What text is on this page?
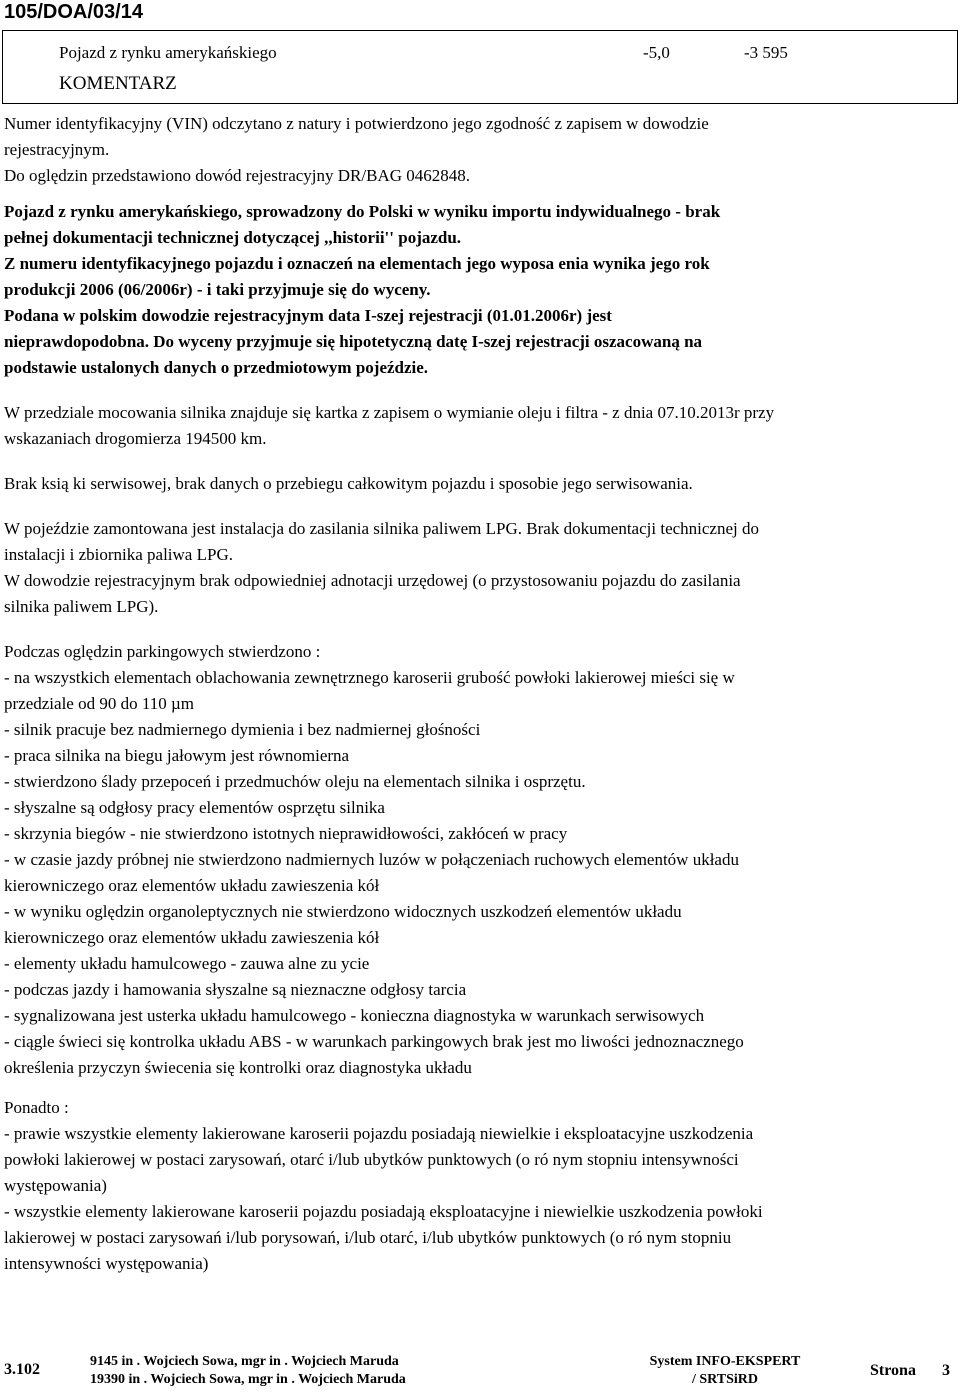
105/DOA/03/14
Pojazd z rynku amerykańskiego	-5,0	-3 595
KOMENTARZ

Numer identyfikacyjny (VIN) odczytano z natury i potwierdzono jego zgodność z zapisem w dowodzie

rejestracyjnym.

Do oględzin przedstawiono dowód rejestracyjny DR/BAG 0462848.

Pojazd z rynku amerykańskiego, sprowadzony do Polski w wyniku importu indywidualnego - brak

pełnej dokumentacji technicznej dotyczącej ,,historii'' pojazdu.

Z numeru identyfikacyjnego pojazdu i oznaczeń na elementach jego wyposa enia wynika jego rok

produkcji 2006 (06/2006r) - i taki przyjmuje się do wyceny.

Podana w polskim dowodzie rejestracyjnym data I-szej rejestracji (01.01.2006r) jest

nieprawdopodobna. Do wyceny przyjmuje się hipotetyczną datę I-szej rejestracji oszacowaną na

podstawie ustalonych danych o przedmiotowym pojeździe.

W przedziale mocowania silnika znajduje się kartka z zapisem o wymianie oleju i filtra - z dnia 07.10.2013r przy

wskazaniach drogomierza 194500 km.

Brak ksią ki serwisowej, brak danych o przebiegu całkowitym pojazdu i sposobie jego serwisowania.

W pojeździe zamontowana jest instalacja do zasilania silnika paliwem LPG. Brak dokumentacji technicznej do

instalacji i zbiornika paliwa LPG.

W dowodzie rejestracyjnym brak odpowiedniej adnotacji urzędowej (o przystosowaniu pojazdu do zasilania

silnika paliwem LPG).

Podczas oględzin parkingowych stwierdzono :

- na wszystkich elementach oblachowania zewnętrznego karoserii grubość powłoki lakierowej mieści się w

przedziale od 90 do 110 µm

- silnik pracuje bez nadmiernego dymienia i bez nadmiernej głośności

- praca silnika na biegu jałowym jest równomierna

- stwierdzono ślady przepoceń i przedmuchów oleju na elementach silnika i osprzętu.

- słyszalne są odgłosy pracy elementów osprzętu silnika

- skrzynia biegów - nie stwierdzono istotnych nieprawidłowości, zakłóceń w pracy

- w czasie jazdy próbnej nie stwierdzono nadmiernych luzów w połączeniach ruchowych elementów układu

kierowniczego oraz elementów układu zawieszenia kół

- w wyniku oględzin organoleptycznych nie stwierdzono widocznych uszkodzeń elementów układu

kierowniczego oraz elementów układu zawieszenia kół

- elementy układu hamulcowego - zauwa alne zu ycie

- podczas jazdy i hamowania słyszalne są nieznaczne odgłosy tarcia

- sygnalizowana jest usterka układu hamulcowego - konieczna diagnostyka w warunkach serwisowych

- ciągle świeci się kontrolka układu ABS - w warunkach parkingowych brak jest mo liwości jednoznacznego

określenia przyczyn świecenia się kontrolki oraz diagnostyka układu

Ponadto :

- prawie wszystkie elementy lakierowane karoserii pojazdu posiadają niewielkie i eksploatacyjne uszkodzenia

powłoki lakierowej w postaci zarysowań, otarć i/lub ubytków punktowych (o ró nym stopniu intensywności

występowania)

- wszystkie elementy lakierowane karoserii pojazdu posiadają eksploatacyjne i niewielkie uszkodzenia powłoki

lakierowej w postaci zarysowań i/lub porysowań, i/lub otarć, i/lub ubytków punktowych (o ró nym stopniu

intensywności występowania)

3.102	9145 in . Wojciech Sowa, mgr in . Wojciech Maruda
19390 in . Wojciech Sowa, mgr in . Wojciech Maruda
System INFO-EKSPERT
/ SRTSiRD
Strona 3
